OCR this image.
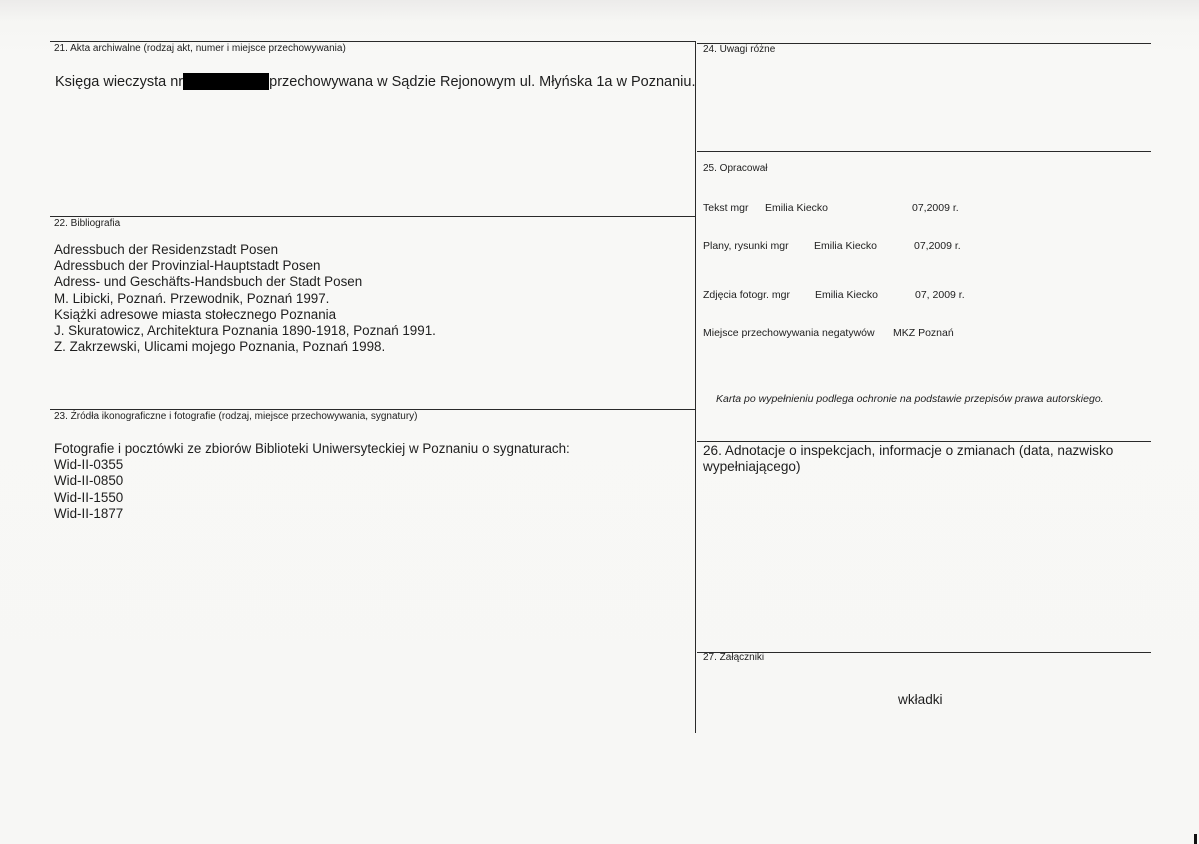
21. Akta archiwalne (rodzaj akt, numer i miejsce przechowywania)
Księga wieczysta nr	przechowywana w Sądzie Rejonowym ul. Młyńska 1a w Poznaniu.
22. Bibliografia
Adressbuch der Residenzstadt Posen
Adressbuch der Provinzial-Hauptstadt Posen
Adress- und Geschäfts-Handsbuch der Stadt Posen
M. Libicki, Poznań. Przewodnik, Poznań 1997.
Książki adresowe miasta stołecznego Poznania
J. Skuratowicz, Architektura Poznania 1890-1918, Poznań 1991.
Z. Zakrzewski, Ulicami mojego Poznania, Poznań 1998.
23. Źródła ikonograficzne i fotografie (rodzaj, miejsce przechowywania, sygnatury)
Fotografie i pocztówki ze zbiorów Biblioteki Uniwersyteckiej w Poznaniu o sygnaturach:
Wid-II-0355
Wid-II-0850
Wid-II-1550
Wid-II-1877
24. Uwagi różne
25. Opracował
Tekst mgr Emilia Kiecko	07,2009 r.
Plany, rysunki mgr Emilia Kiecko	07,2009 r.
Zdjęcia fotogr. mgr Emilia Kiecko	07, 2009 r.
Miejsce przechowywania negatywów MKZ Poznań
Karta po wypełnieniu podlega ochronie na podstawie przepisów prawa autorskiego.
26. Adnotacje o inspekcjach, informacje o zmianach (data, nazwisko
wypełniającego)
27. Załączniki
wkładki
